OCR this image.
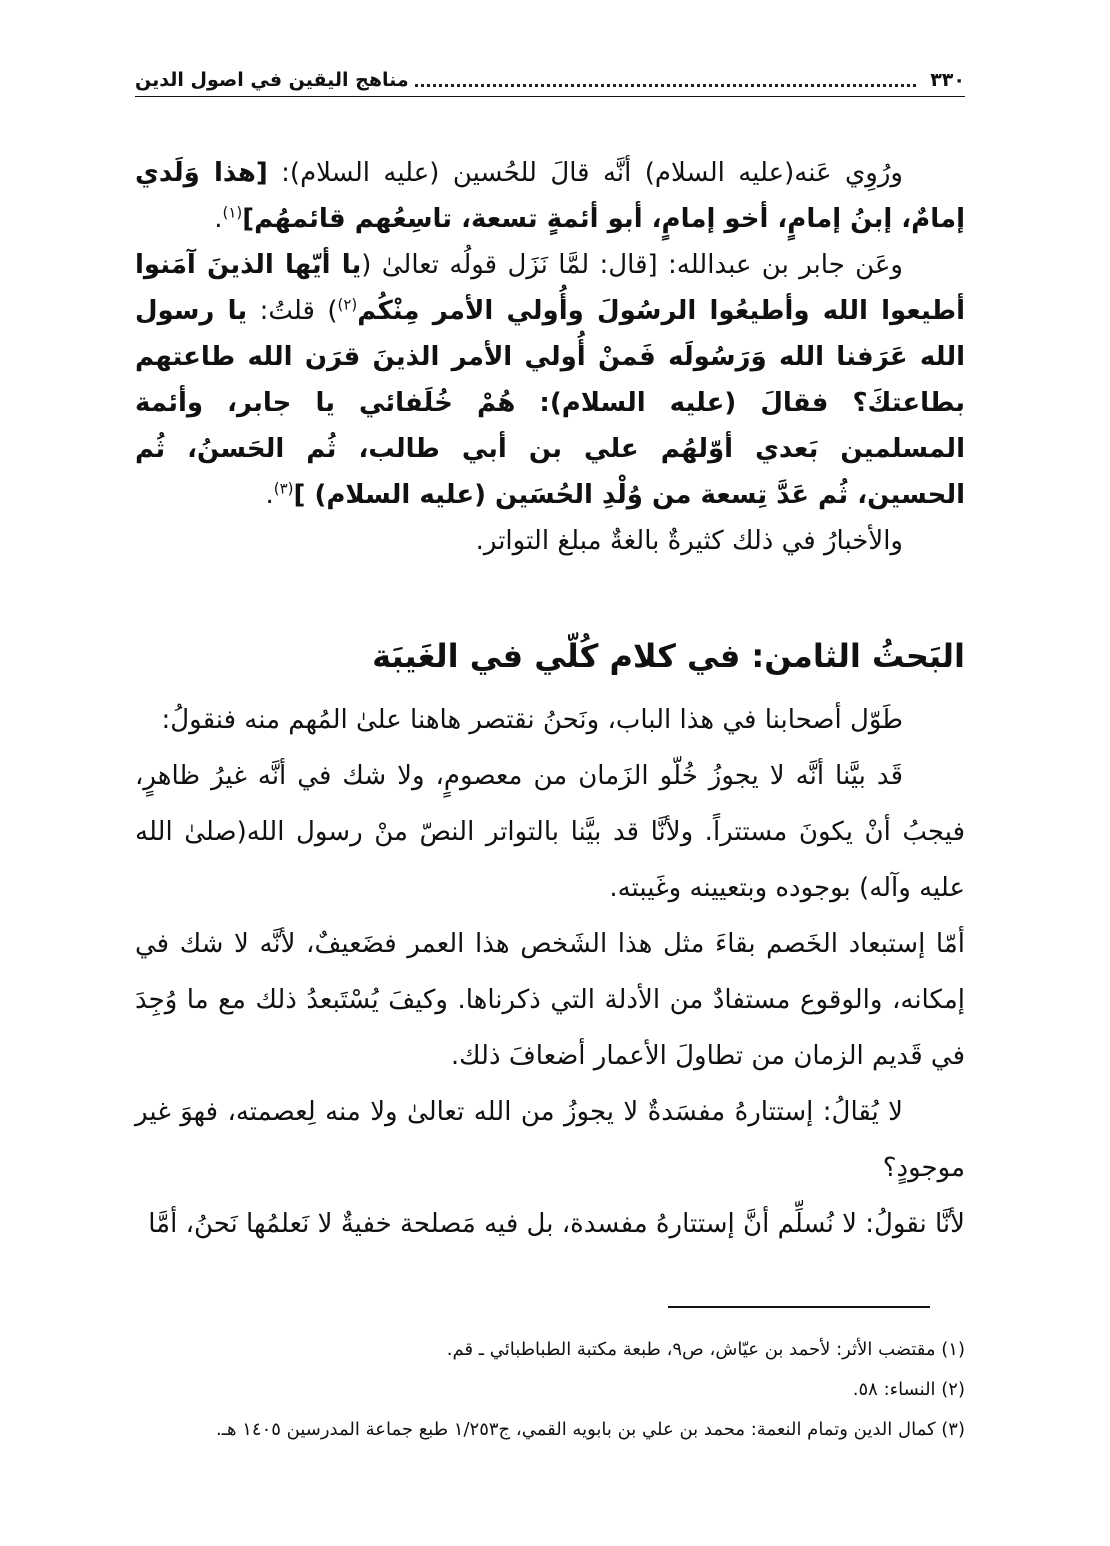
٣٣٠
مناهج اليقين في اصول الدين

ورُوِي عَنه(عليه السلام) أنَّه قالَ للحُسين (عليه السلام): [هذا وَلَدي إمامٌ، إبنُ إمامٍ، أخو إمامٍ، أبو أئمةٍ تسعة، تاسِعُهم قائمهُم]$^{(١)}$.

وعَن جابر بن عبدالله: [قال: لمَّا نَزَل قولُه تعالىٰ (يا أيّها الذينَ آمَنوا أطيعوا الله وأطيعُوا الرسُولَ وأُولي الأمر مِنْكُم$^{(٢)}$) قلتُ: يا رسول الله عَرَفنا الله وَرَسُولَه فَمنْ أُولي الأمر الذينَ قرَن الله طاعتهم بطاعتكَ؟ فقالَ (عليه السلام): هُمْ خُلَفائي يا جابر، وأئمة المسلمين بَعدي أوّلهُم علي بن أبي طالب، ثُم الحَسنُ، ثُم الحسين، ثُم عَدَّ تِسعة من وُلْدِ الحُسَين (عليه السلام) ]$^{(٣)}$.

والأخبارُ في ذلك كثيرةٌ بالغةٌ مبلغ التواتر.

البَحثُ الثامن: في كلام كُلّي في الغَيبَة

طَوّل أصحابنا في هذا الباب، ونَحنُ نقتصر هاهنا علىٰ المُهم منه فنقولُ:

قَد بيَّنا أنَّه لا يجوزُ خُلّو الزَمان من معصومٍ، ولا شك في أنَّه غيرُ ظاهرٍ، فيجبُ أنْ يكونَ مستتراً. ولأنَّا قد بيَّنا بالتواتر النصّ منْ رسول الله(صلىٰ الله عليه وآله) بوجوده وبتعيينه وغَيبته.

أمّا إستبعاد الخَصم بقاءَ مثل هذا الشَخص هذا العمر فضَعيفٌ، لأنَّه لا شك في إمكانه، والوقوع مستفادٌ من الأدلة التي ذكرناها. وكيفَ يُسْتَبعدُ ذلك مع ما وُجِدَ في قَديم الزمان من تطاولَ الأعمار أضعافَ ذلك.

لا يُقالُ: إستتارهُ مفسَدةٌ لا يجوزُ من الله تعالىٰ ولا منه لِعصمته، فهوَ غير موجودٍ؟

لأنَّا نقولُ: لا نُسلِّم أنَّ إستتارهُ مفسدة، بل فيه مَصلحة خفيةٌ لا نَعلمُها نَحنُ، أمَّا

(١) مقتضب الأثر: لأحمد بن عيّاش، ص٩، طبعة مكتبة الطباطبائي ـ قم.

(٢) النساء: ٥٨.

(٣) كمال الدين وتمام النعمة: محمد بن علي بن بابويه القمي، ج١/٢٥٣ طبع جماعة المدرسين ١٤٠٥ هـ.
